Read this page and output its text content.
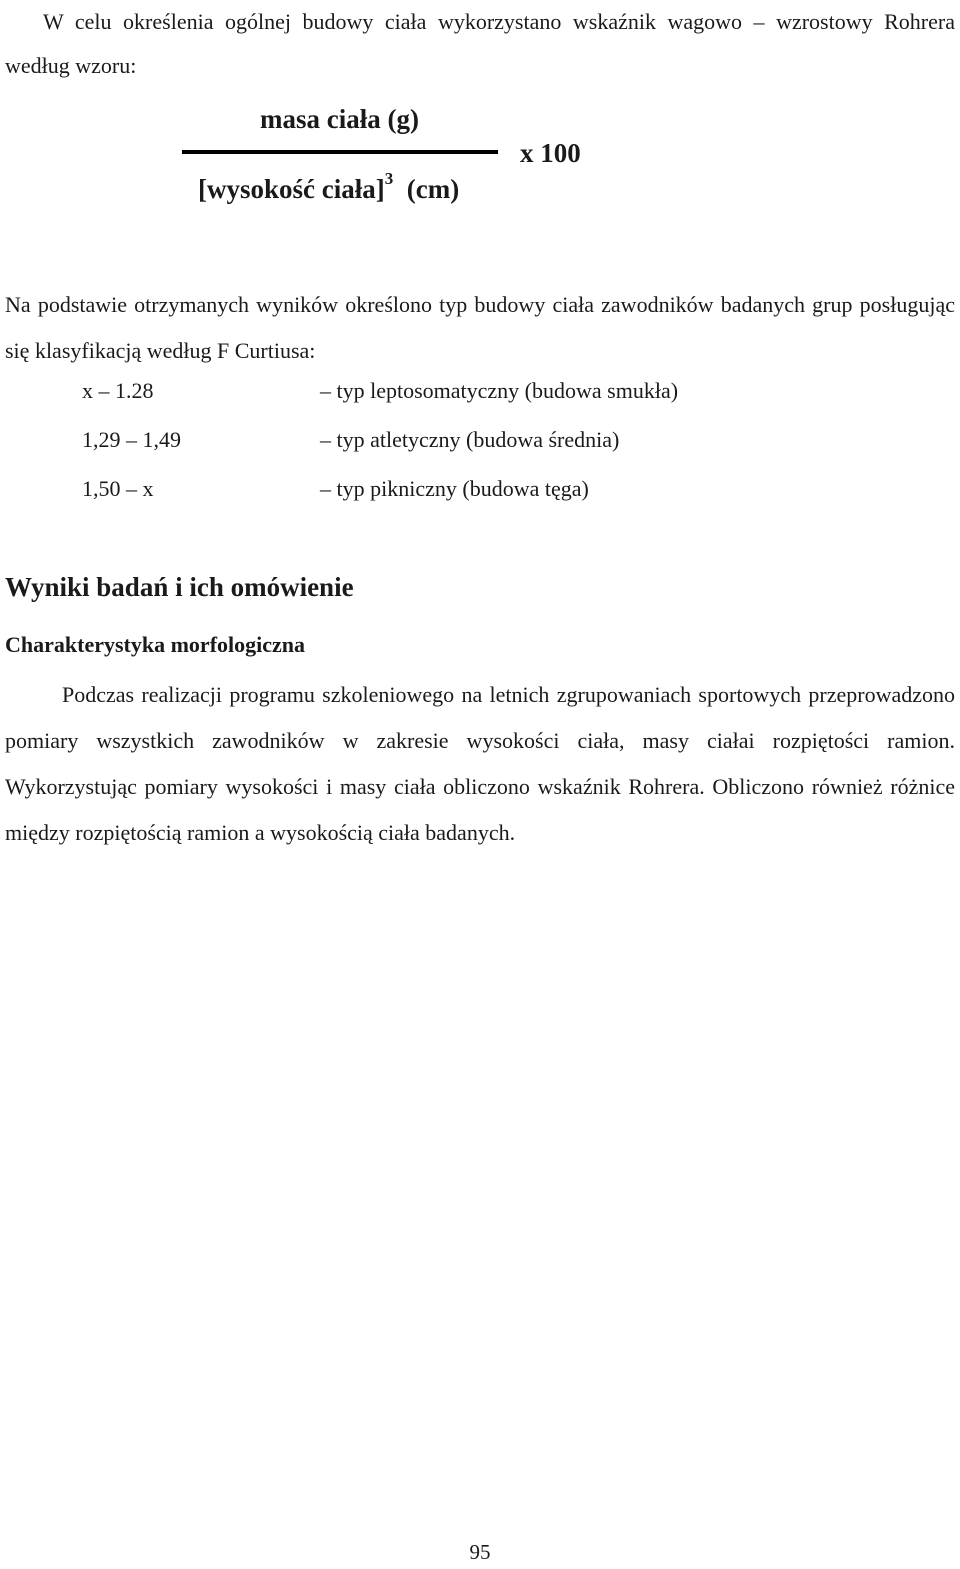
W celu określenia ogólnej budowy ciała wykorzystano wskaźnik wagowo – wzrostowy Rohrera według wzoru:

masa ciała (g)
[wysokość ciała]$^3$ (cm)
x 100

Na podstawie otrzymanych wyników określono typ budowy ciała zawodników badanych grup posługując się klasyfikacją według F Curtiusa:

x – 1.28	– typ leptosomatyczny (budowa smukła)
1,29 – 1,49	– typ atletyczny (budowa średnia)
1,50 – x	– typ pikniczny (budowa tęga)
Wyniki badań i ich omówienie
Charakterystyka morfologiczna

Podczas realizacji programu szkoleniowego na letnich zgrupowaniach sportowych przeprowadzono pomiary wszystkich zawodników w zakresie wysokości ciała, masy ciałai rozpiętości ramion. Wykorzystując pomiary wysokości i masy ciała obliczono wskaźnik Rohrera. Obliczono również różnice między rozpiętością ramion a wysokością ciała badanych.

95
